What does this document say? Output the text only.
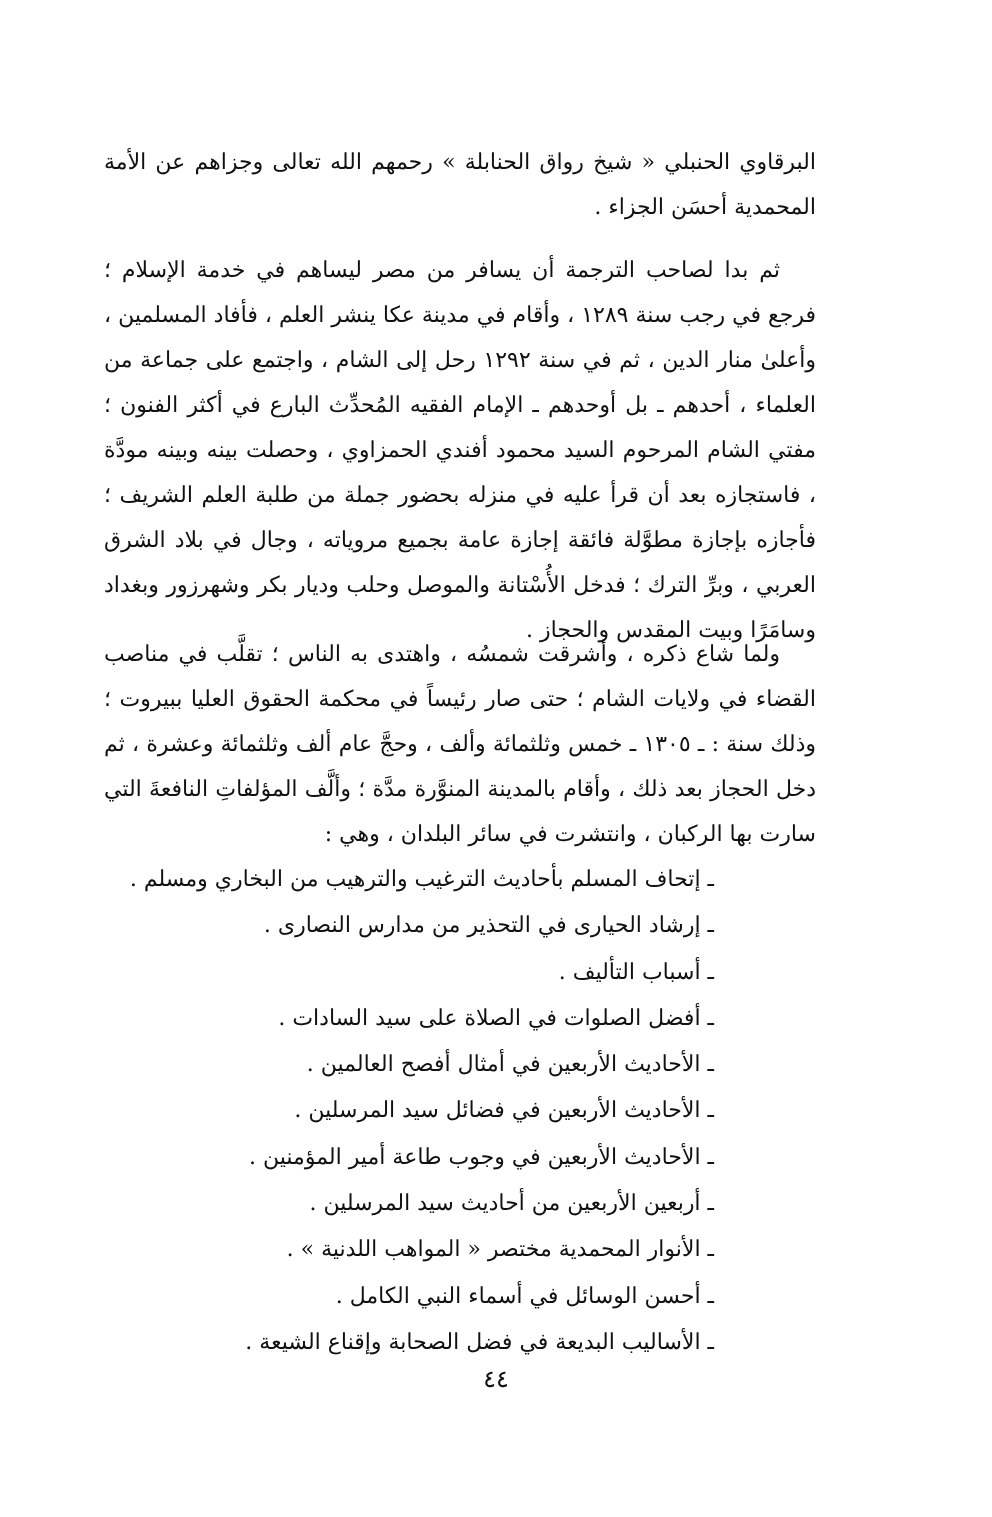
البرقاوي الحنبلي « شيخ رواق الحنابلة » رحمهم الله تعالى وجزاهم عن الأمة المحمدية أحسَن الجزاء .

ثم بدا لصاحب الترجمة أن يسافر من مصر ليساهم في خدمة الإسلام ؛ فرجع في رجب سنة ١٢٨٩ ، وأقام في مدينة عكا ينشر العلم ، فأفاد المسلمين ، وأعلىٰ منار الدين ، ثم في سنة ١٢٩٢ رحل إلى الشام ، واجتمع على جماعة من العلماء ، أحدهم ـ بل أوحدهم ـ الإمام الفقيه المُحدِّث البارع في أكثر الفنون ؛ مفتي الشام المرحوم السيد محمود أفندي الحمزاوي ، وحصلت بينه وبينه مودَّة ، فاستجازه بعد أن قرأ عليه في منزله بحضور جملة من طلبة العلم الشريف ؛ فأجازه بإجازة مطوَّلة فائقة إجازة عامة بجميع مروياته ، وجال في بلاد الشرق العربي ، وبرِّ الترك ؛ فدخل الأُسْتانة والموصل وحلب وديار بكر وشهرزور وبغداد وسامَرًا وبيت المقدس والحجاز .

ولما شاع ذكره ، وأشرقت شمسُه ، واهتدى به الناس ؛ تقلَّب في مناصب القضاء في ولايات الشام ؛ حتى صار رئيساً في محكمة الحقوق العليا ببيروت ؛ وذلك سنة : ـ ١٣٠٥ ـ خمس وثلثمائة وألف ، وحجَّ عام ألف وثلثمائة وعشرة ، ثم دخل الحجاز بعد ذلك ، وأقام بالمدينة المنوَّرة مدَّة ؛ وألَّف المؤلفاتِ النافعةَ التي سارت بها الركبان ، وانتشرت في سائر البلدان ، وهي :

ـ إتحاف المسلم بأحاديث الترغيب والترهيب من البخاري ومسلم .
ـ إرشاد الحيارى في التحذير من مدارس النصارى .
ـ أسباب التأليف .
ـ أفضل الصلوات في الصلاة على سيد السادات .
ـ الأحاديث الأربعين في أمثال أفصح العالمين .
ـ الأحاديث الأربعين في فضائل سيد المرسلين .
ـ الأحاديث الأربعين في وجوب طاعة أمير المؤمنين .
ـ أربعين الأربعين من أحاديث سيد المرسلين .
ـ الأنوار المحمدية مختصر « المواهب اللدنية » .
ـ أحسن الوسائل في أسماء النبي الكامل .
ـ الأساليب البديعة في فضل الصحابة وإقناع الشيعة .
٤٤
